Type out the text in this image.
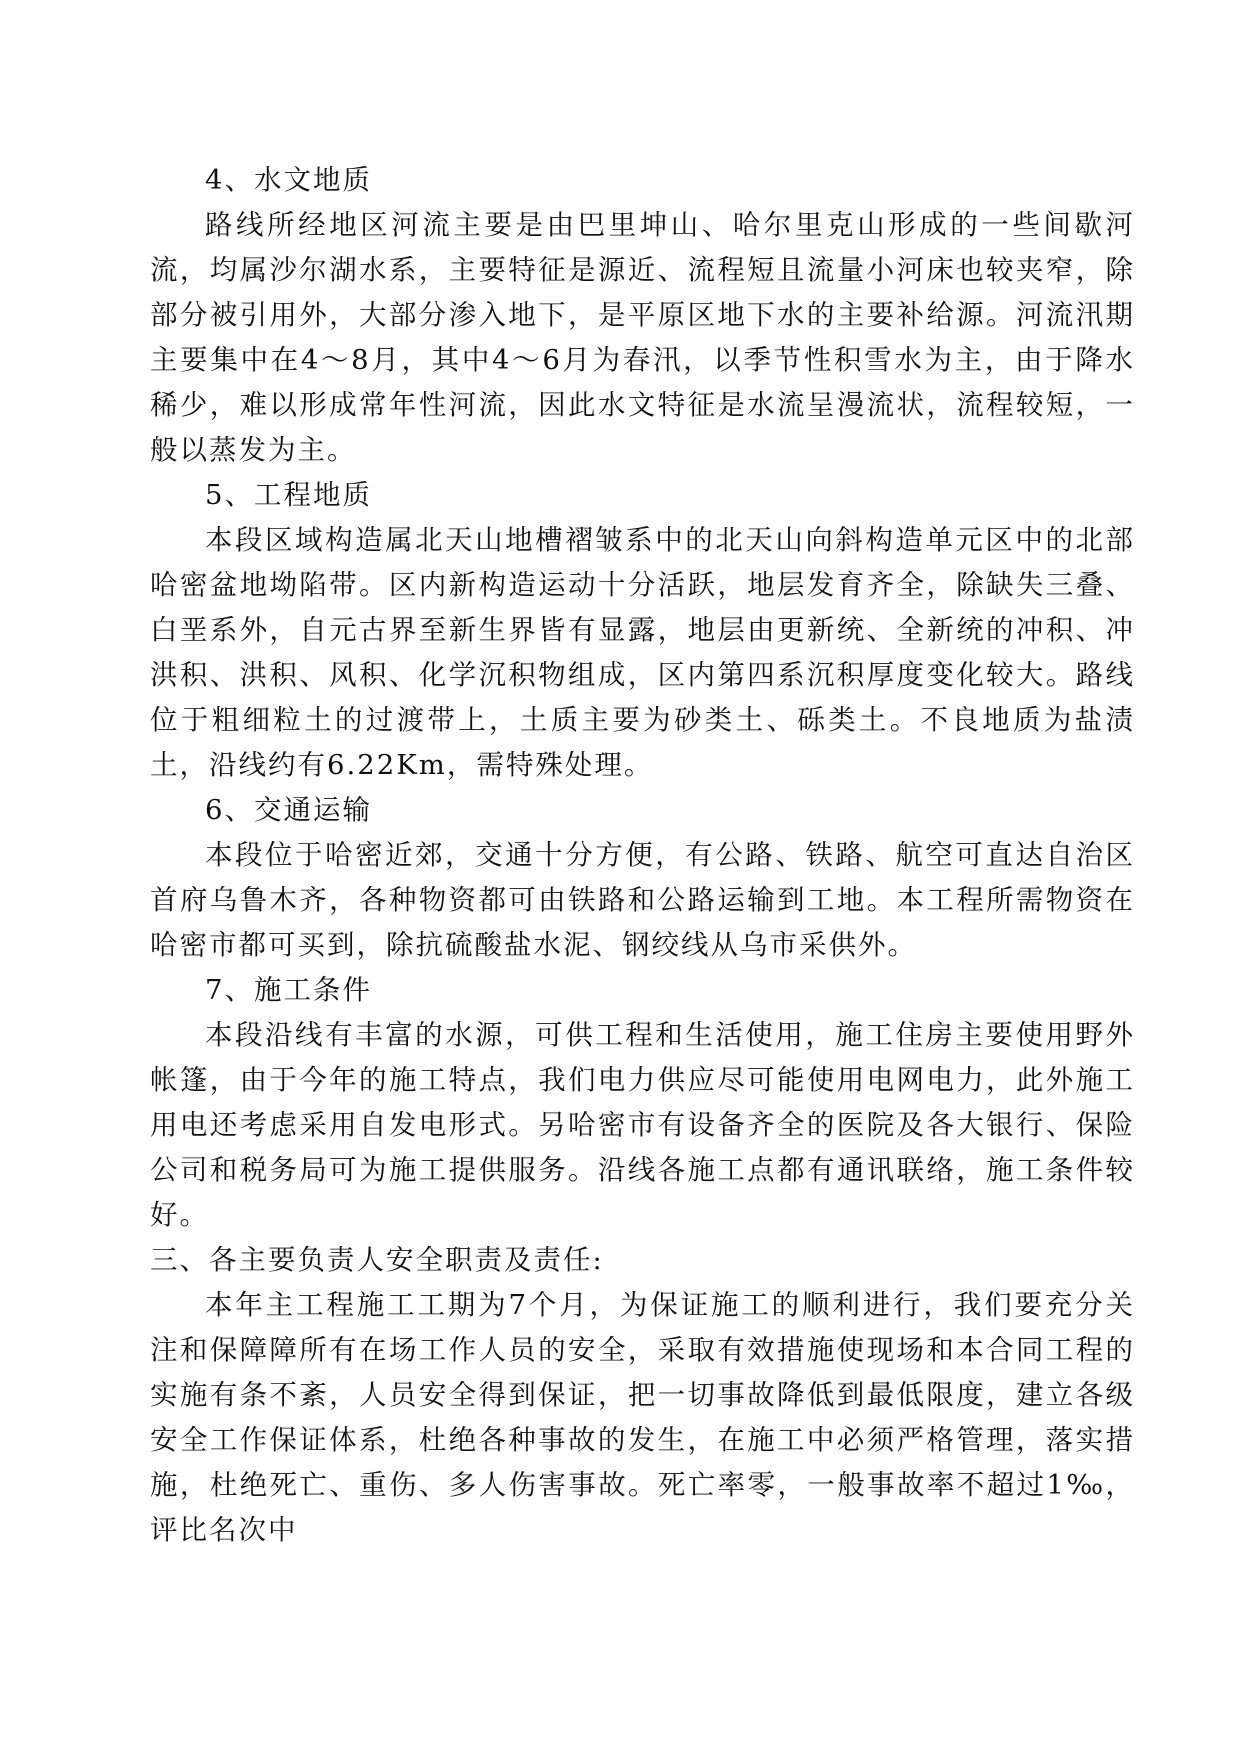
4、水文地质

路线所经地区河流主要是由巴里坤山、哈尔里克山形成的一些间歇河流，均属沙尔湖水系，主要特征是源近、流程短且流量小河床也较夹窄，除部分被引用外，大部分渗入地下，是平原区地下水的主要补给源。河流汛期主要集中在4～8月，其中4～6月为春汛，以季节性积雪水为主，由于降水稀少，难以形成常年性河流，因此水文特征是水流呈漫流状，流程较短，一般以蒸发为主。

5、工程地质

本段区域构造属北天山地槽褶皱系中的北天山向斜构造单元区中的北部哈密盆地坳陷带。区内新构造运动十分活跃，地层发育齐全，除缺失三叠、白垩系外，自元古界至新生界皆有显露，地层由更新统、全新统的冲积、冲洪积、洪积、风积、化学沉积物组成，区内第四系沉积厚度变化较大。路线位于粗细粒土的过渡带上，土质主要为砂类土、砾类土。不良地质为盐渍土，沿线约有6.22Km，需特殊处理。

6、交通运输

本段位于哈密近郊，交通十分方便，有公路、铁路、航空可直达自治区首府乌鲁木齐，各种物资都可由铁路和公路运输到工地。本工程所需物资在哈密市都可买到，除抗硫酸盐水泥、钢绞线从乌市采供外。

7、施工条件

本段沿线有丰富的水源，可供工程和生活使用，施工住房主要使用野外帐篷，由于今年的施工特点，我们电力供应尽可能使用电网电力，此外施工用电还考虑采用自发电形式。另哈密市有设备齐全的医院及各大银行、保险公司和税务局可为施工提供服务。沿线各施工点都有通讯联络，施工条件较好。

三、各主要负责人安全职责及责任:

本年主工程施工工期为7个月，为保证施工的顺利进行，我们要充分关注和保障障所有在场工作人员的安全，采取有效措施使现场和本合同工程的实施有条不紊，人员安全得到保证，把一切事故降低到最低限度，建立各级安全工作保证体系，杜绝各种事故的发生，在施工中必须严格管理，落实措施，杜绝死亡、重伤、多人伤害事故。死亡率零，一般事故率不超过1‰，评比名次中
